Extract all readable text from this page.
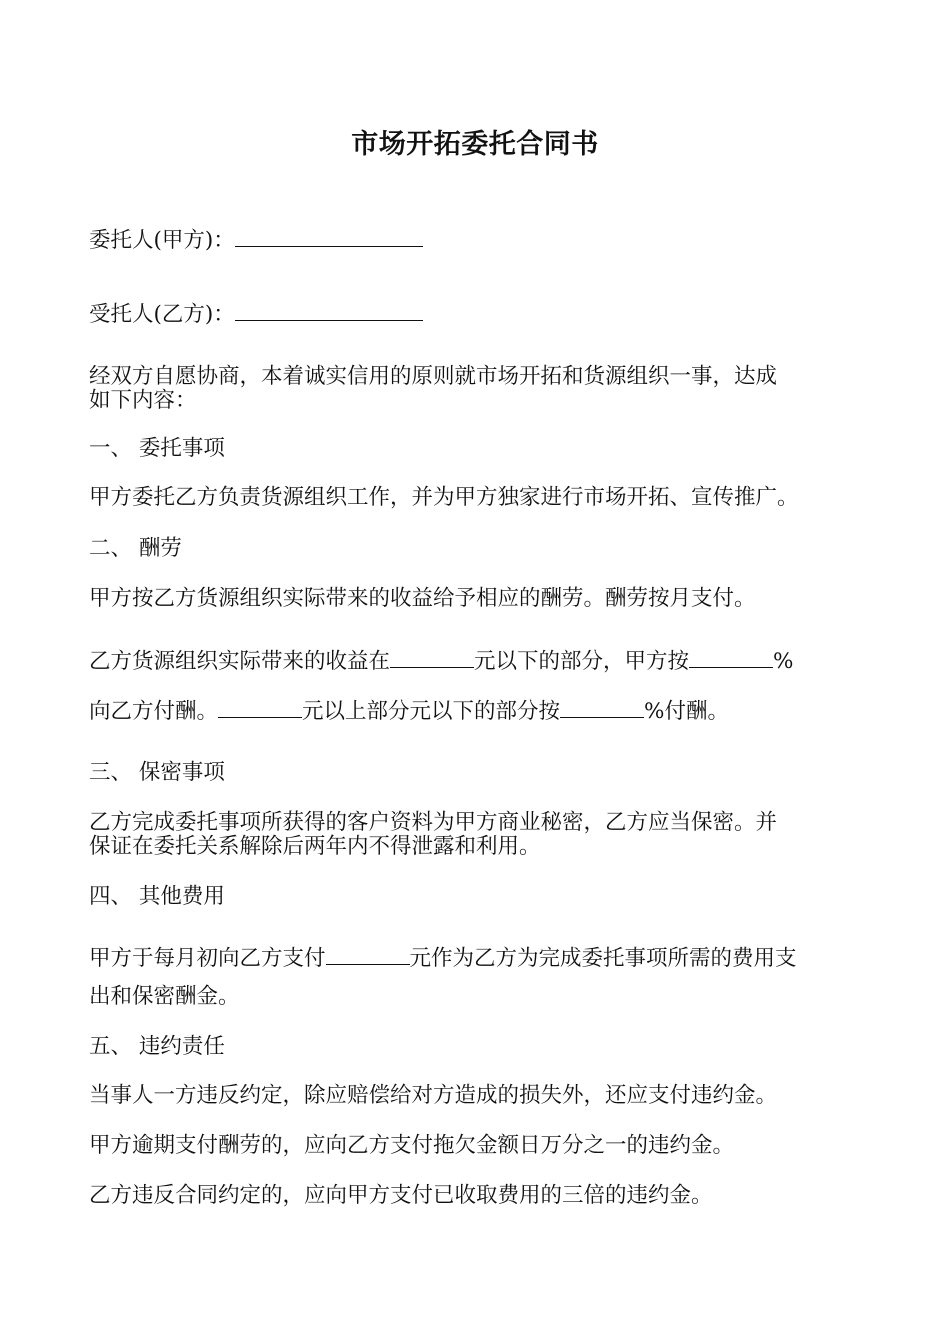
市场开拓委托合同书
委托人(甲方)：
受托人(乙方)：
经双方自愿协商，本着诚实信用的原则就市场开拓和货源组织一事，达成
如下内容：
一、 委托事项
甲方委托乙方负责货源组织工作，并为甲方独家进行市场开拓、宣传推广。
二、 酬劳
甲方按乙方货源组织实际带来的收益给予相应的酬劳。酬劳按月支付。
乙方货源组织实际带来的收益在	元以下的部分，甲方按	%
向乙方付酬。	元以上部分元以下的部分按	%付酬。
三、 保密事项
乙方完成委托事项所获得的客户资料为甲方商业秘密，乙方应当保密。并
保证在委托关系解除后两年内不得泄露和利用。
四、 其他费用
甲方于每月初向乙方支付	元作为乙方为完成委托事项所需的费用支
出和保密酬金。
五、 违约责任
当事人一方违反约定，除应赔偿给对方造成的损失外，还应支付违约金。
甲方逾期支付酬劳的，应向乙方支付拖欠金额日万分之一的违约金。
乙方违反合同约定的，应向甲方支付已收取费用的三倍的违约金。
